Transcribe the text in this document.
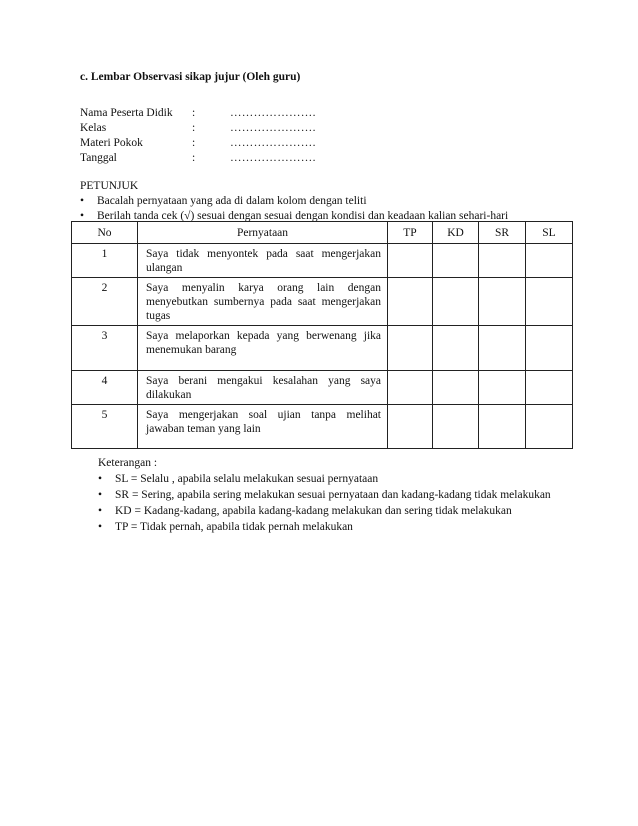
c. Lembar Observasi sikap jujur (Oleh guru)
Nama Peserta Didik :	………………….
Kelas	:	………………….
Materi Pokok	:	………………….
Tanggal	:	………………….
PETUNJUK
• Bacalah pernyataan yang ada di dalam kolom dengan teliti
• Berilah tanda cek (√) sesuai dengan sesuai dengan kondisi dan keadaan kalian sehari-hari
No	Pernyataan	TP	KD	SR	SL
1	Saya tidak menyontek pada saat mengerjakan ulangan				
2	Saya menyalin karya orang lain dengan menyebutkan sumbernya pada saat mengerjakan tugas				
3	Saya melaporkan kepada yang berwenang jika menemukan barang				
4	Saya berani mengakui kesalahan yang saya dilakukan				
5	Saya mengerjakan soal ujian tanpa melihat jawaban teman yang lain				
Keterangan :
• SL = Selalu , apabila selalu melakukan sesuai pernyataan
• SR = Sering, apabila sering melakukan sesuai pernyataan dan kadang-kadang tidak melakukan
• KD = Kadang-kadang, apabila kadang-kadang melakukan dan sering tidak melakukan
• TP = Tidak pernah, apabila tidak pernah melakukan
